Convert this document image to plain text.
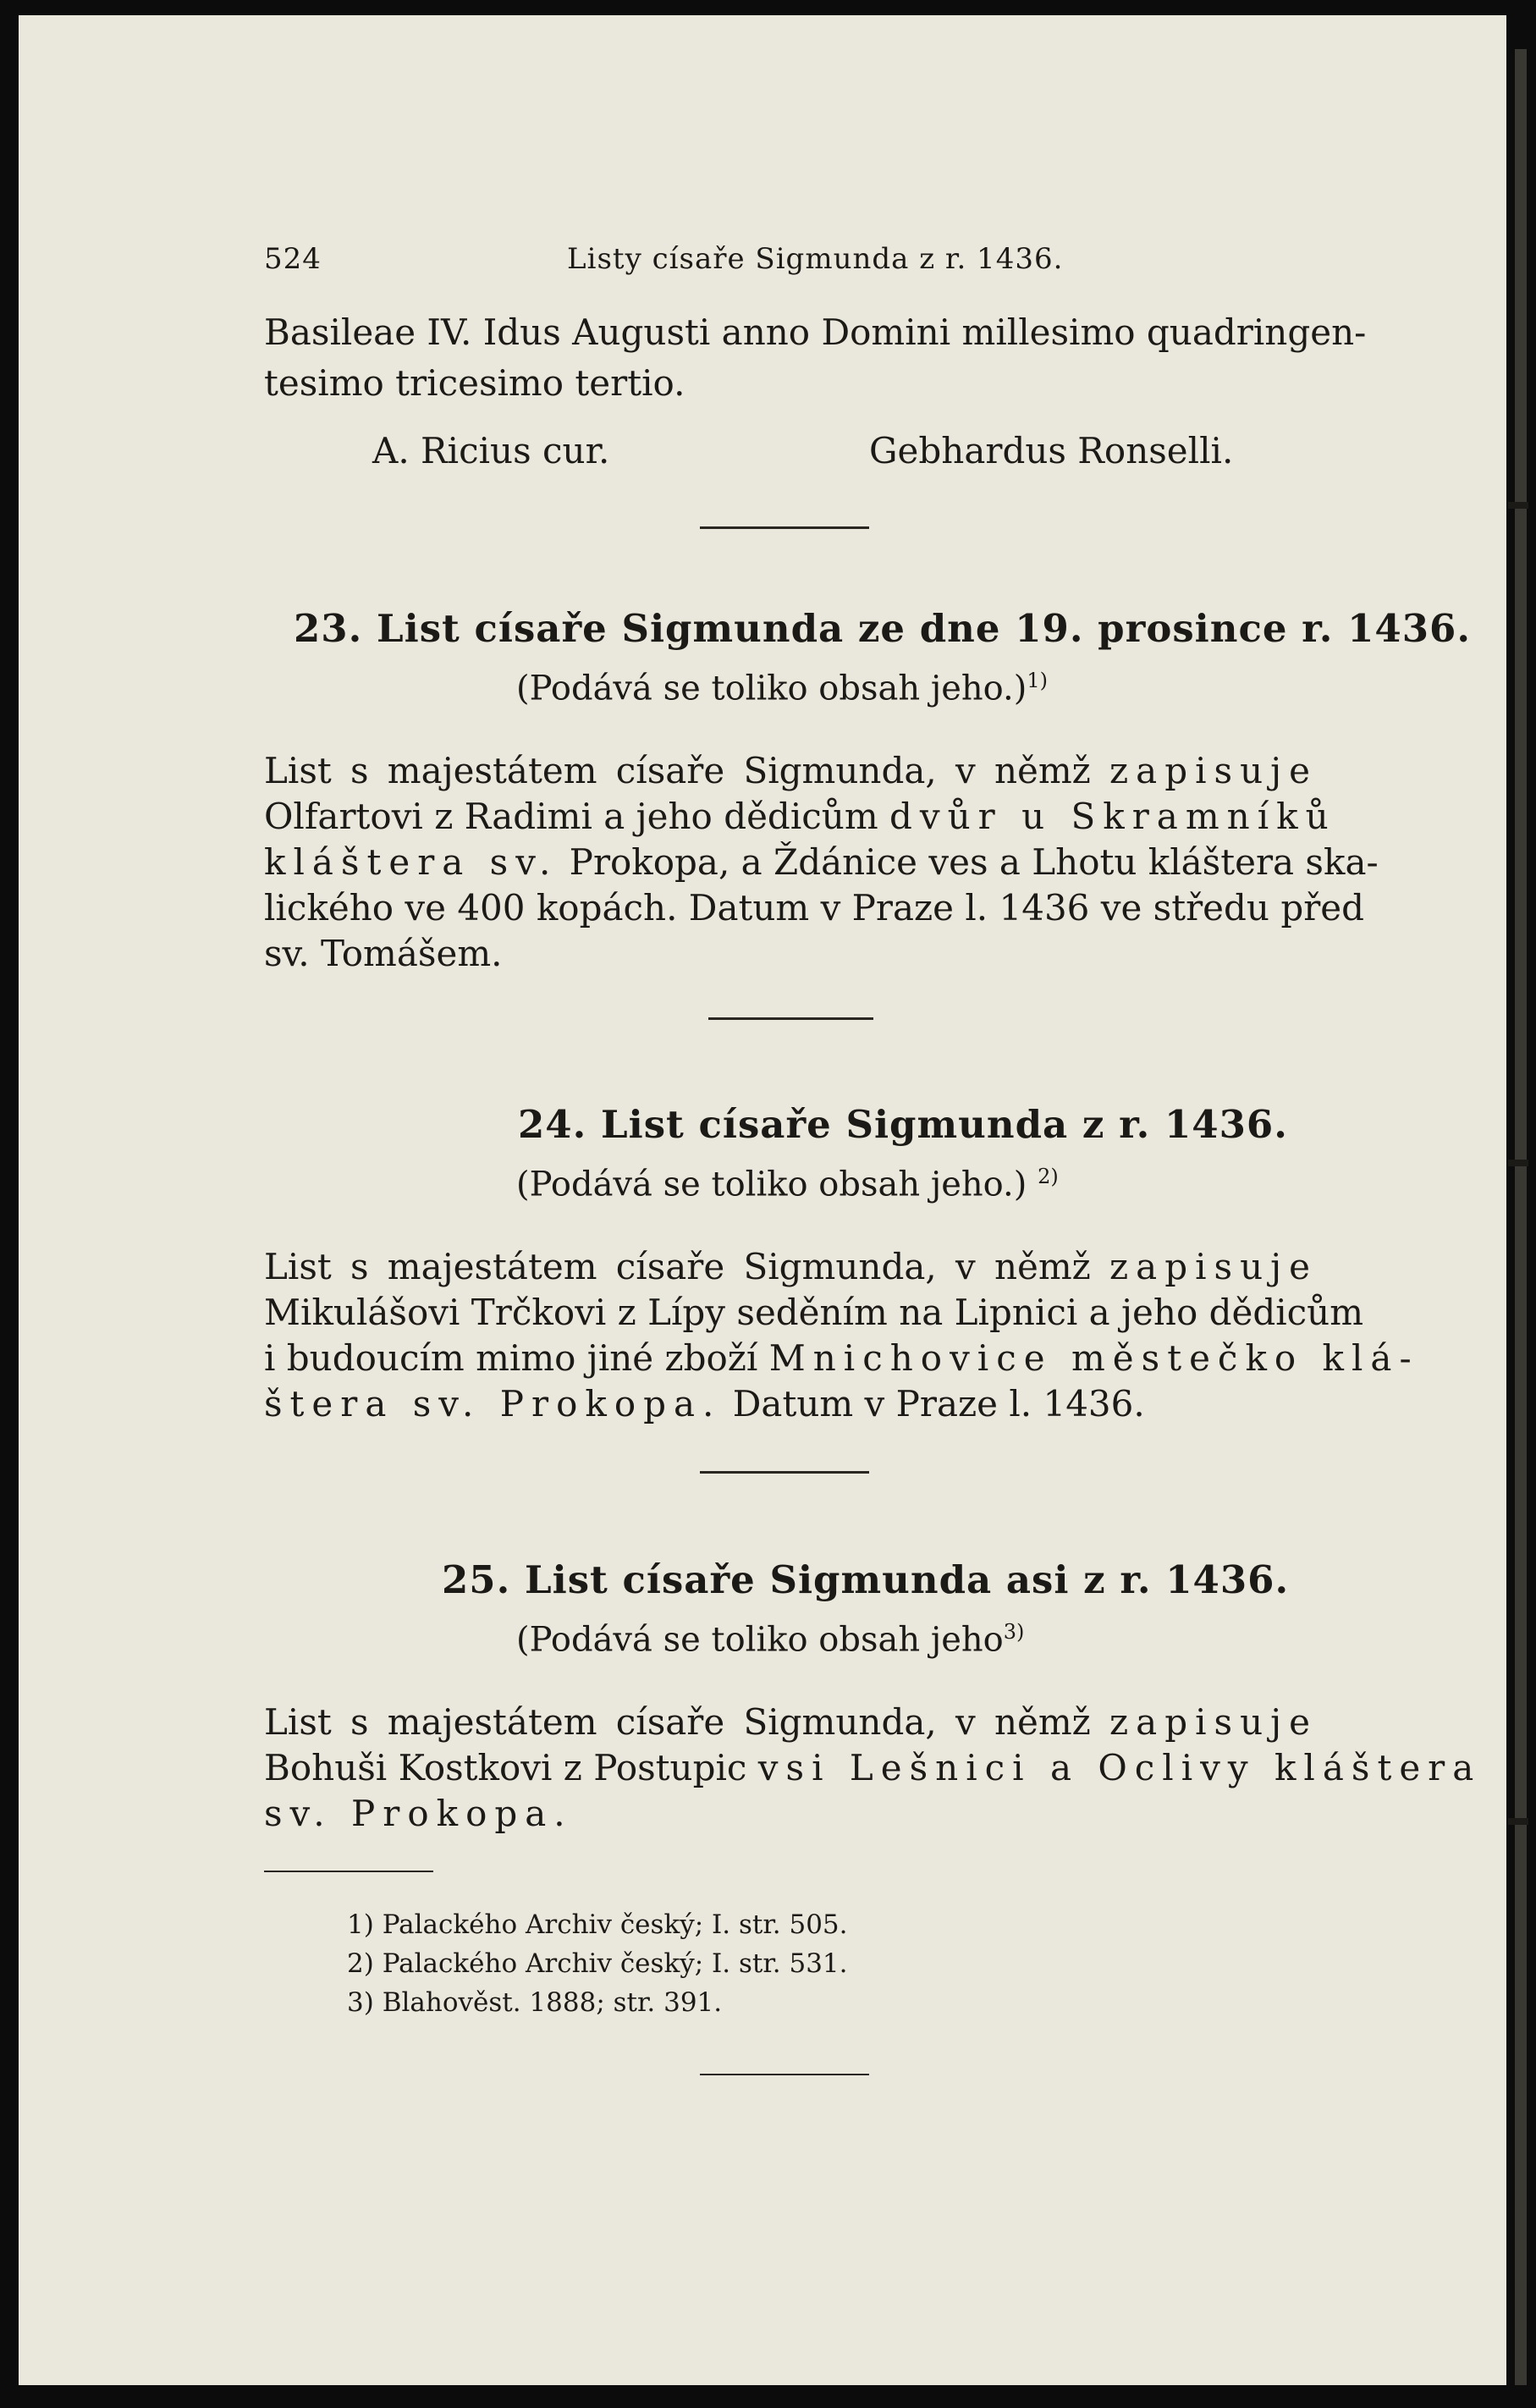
524	Listy císaře Sigmunda z r. 1436.
Basileae IV. Idus Augusti anno Domini millesimo quadringen-
tesimo tricesimo tertio.
A. Ricius cur.	Gebhardus Ronselli.
23. List císaře Sigmunda ze dne 19. prosince r. 1436.
(Podává se toliko obsah jeho.)$^{1)}$
List s majestátem císaře Sigmunda, v němž zapisuje
Olfartovi z Radimi a jeho dědicům dvůr u Skramníků
kláštera sv. Prokopa, a Ždánice ves a Lhotu kláštera ska-
lického ve 400 kopách. Datum v Praze l. 1436 ve středu před
sv. Tomášem.
24. List císaře Sigmunda z r. 1436.
(Podává se toliko obsah jeho.) $^{2)}$
List s majestátem císaře Sigmunda, v němž zapisuje
Mikulášovi Trčkovi z Lípy seděním na Lipnici a jeho dědicům
i budoucím mimo jiné zboží Mnichovice městečko klá-
štera sv. Prokopa. Datum v Praze l. 1436.
25. List císaře Sigmunda asi z r. 1436.
(Podává se toliko obsah jeho$^{3)}$
List s majestátem císaře Sigmunda, v němž zapisuje
Bohuši Kostkovi z Postupic vsi Lešnici a Oclivy kláštera
sv. Prokopa.
1) Palackého Archiv český; I. str. 505.
2) Palackého Archiv český; I. str. 531.
3) Blahověst. 1888; str. 391.
